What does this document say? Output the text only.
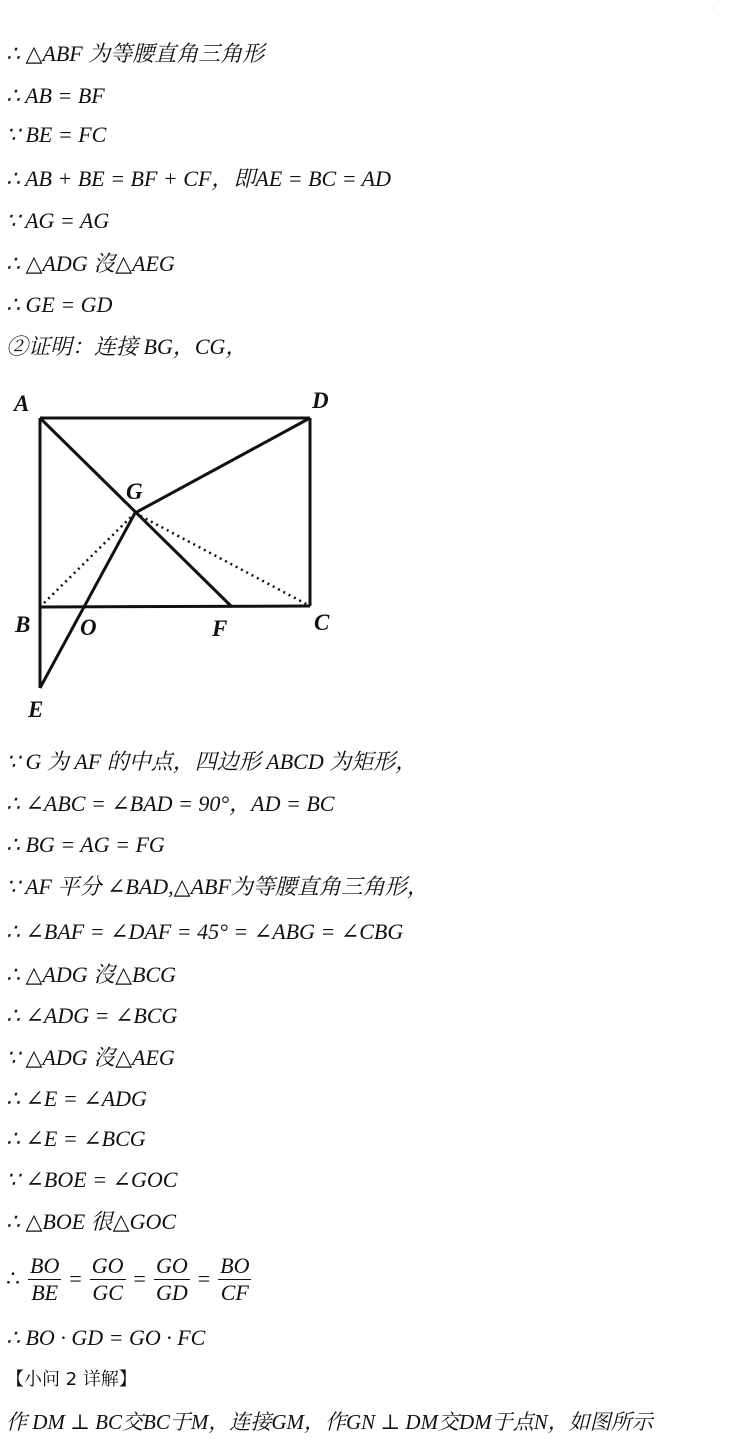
·
∴ △ABF 为等腰直角三角形
∴ AB = BF
∵ BE = FC
∴ AB + BE = BF + CF，即AE = BC = AD
∵ AG = AG
∴ △ADG 沒△AEG
∴ GE = GD
②证明：连接 BG，CG，
A	D
G
B O	F	C
E
∵ G 为 AF 的中点，四边形 ABCD 为矩形，
∴ ∠ABC = ∠BAD = 90°，AD = BC
∴ BG = AG = FG
∵ AF 平分 ∠BAD,△ABF为等腰直角三角形，
∴ ∠BAF = ∠DAF = 45° = ∠ABG = ∠CBG
∴ △ADG 沒△BCG
∴ ∠ADG = ∠BCG
∵ △ADG 沒△AEG
∴ ∠E = ∠ADG
∴ ∠E = ∠BCG
∵ ∠BOE = ∠GOC
∴ △BOE 很△GOC
∴ $\frac{BO}{BE} = \frac{GO}{GC} = \frac{GO}{GD} = \frac{BO}{CF}$
∴ BO · GD = GO · FC
【小问 2 详解】
作 DM ⊥ BC交BC于M，连接GM，作GN ⊥ DM交DM于点N，如图所示
